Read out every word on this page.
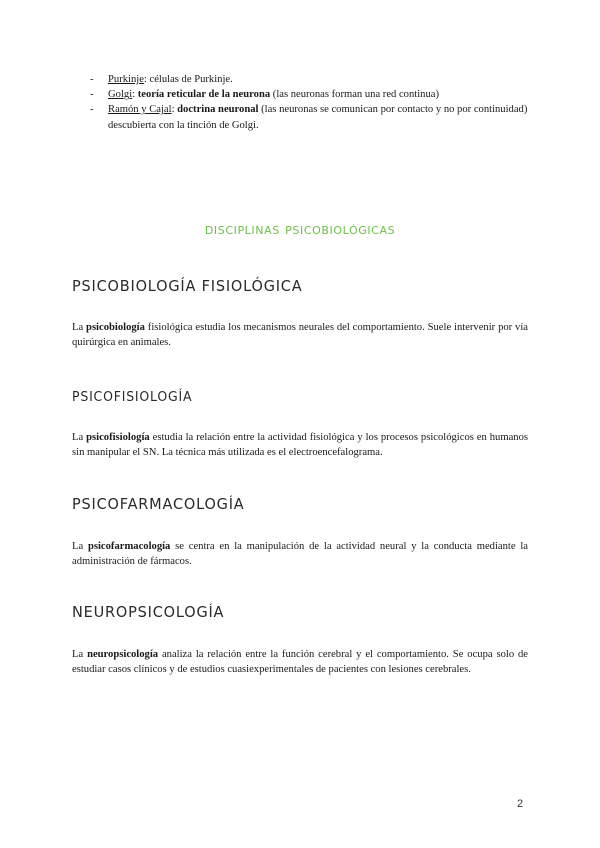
-	Purkinje: células de Purkinje.
-	Golgi: teoría reticular de la neurona (las neuronas forman una red continua)
-	Ramón y Cajal: doctrina neuronal (las neuronas se comunican por contacto y no por continuidad) descubierta con la tinción de Golgi.
disciplinas psicobiológicas
PSICOBIOLOGÍA FISIOLÓGICA
La psicobiología fisiológica estudia los mecanismos neurales del comportamiento. Suele intervenir por vía quirúrgica en animales.
PSICOFISIOLOGÍA
La psicofisiología estudia la relación entre la actividad fisiológica y los procesos psicológicos en humanos sin manipular el SN. La técnica más utilizada es el electroencefalograma.
PSICOFARMACOLOGÍA
La psicofarmacología se centra en la manipulación de la actividad neural y la conducta mediante la administración de fármacos.
NEUROPSICOLOGÍA
La neuropsicología analiza la relación entre la función cerebral y el comportamiento. Se ocupa solo de estudiar casos clínicos y de estudios cuasiexperimentales de pacientes con lesiones cerebrales.
2
